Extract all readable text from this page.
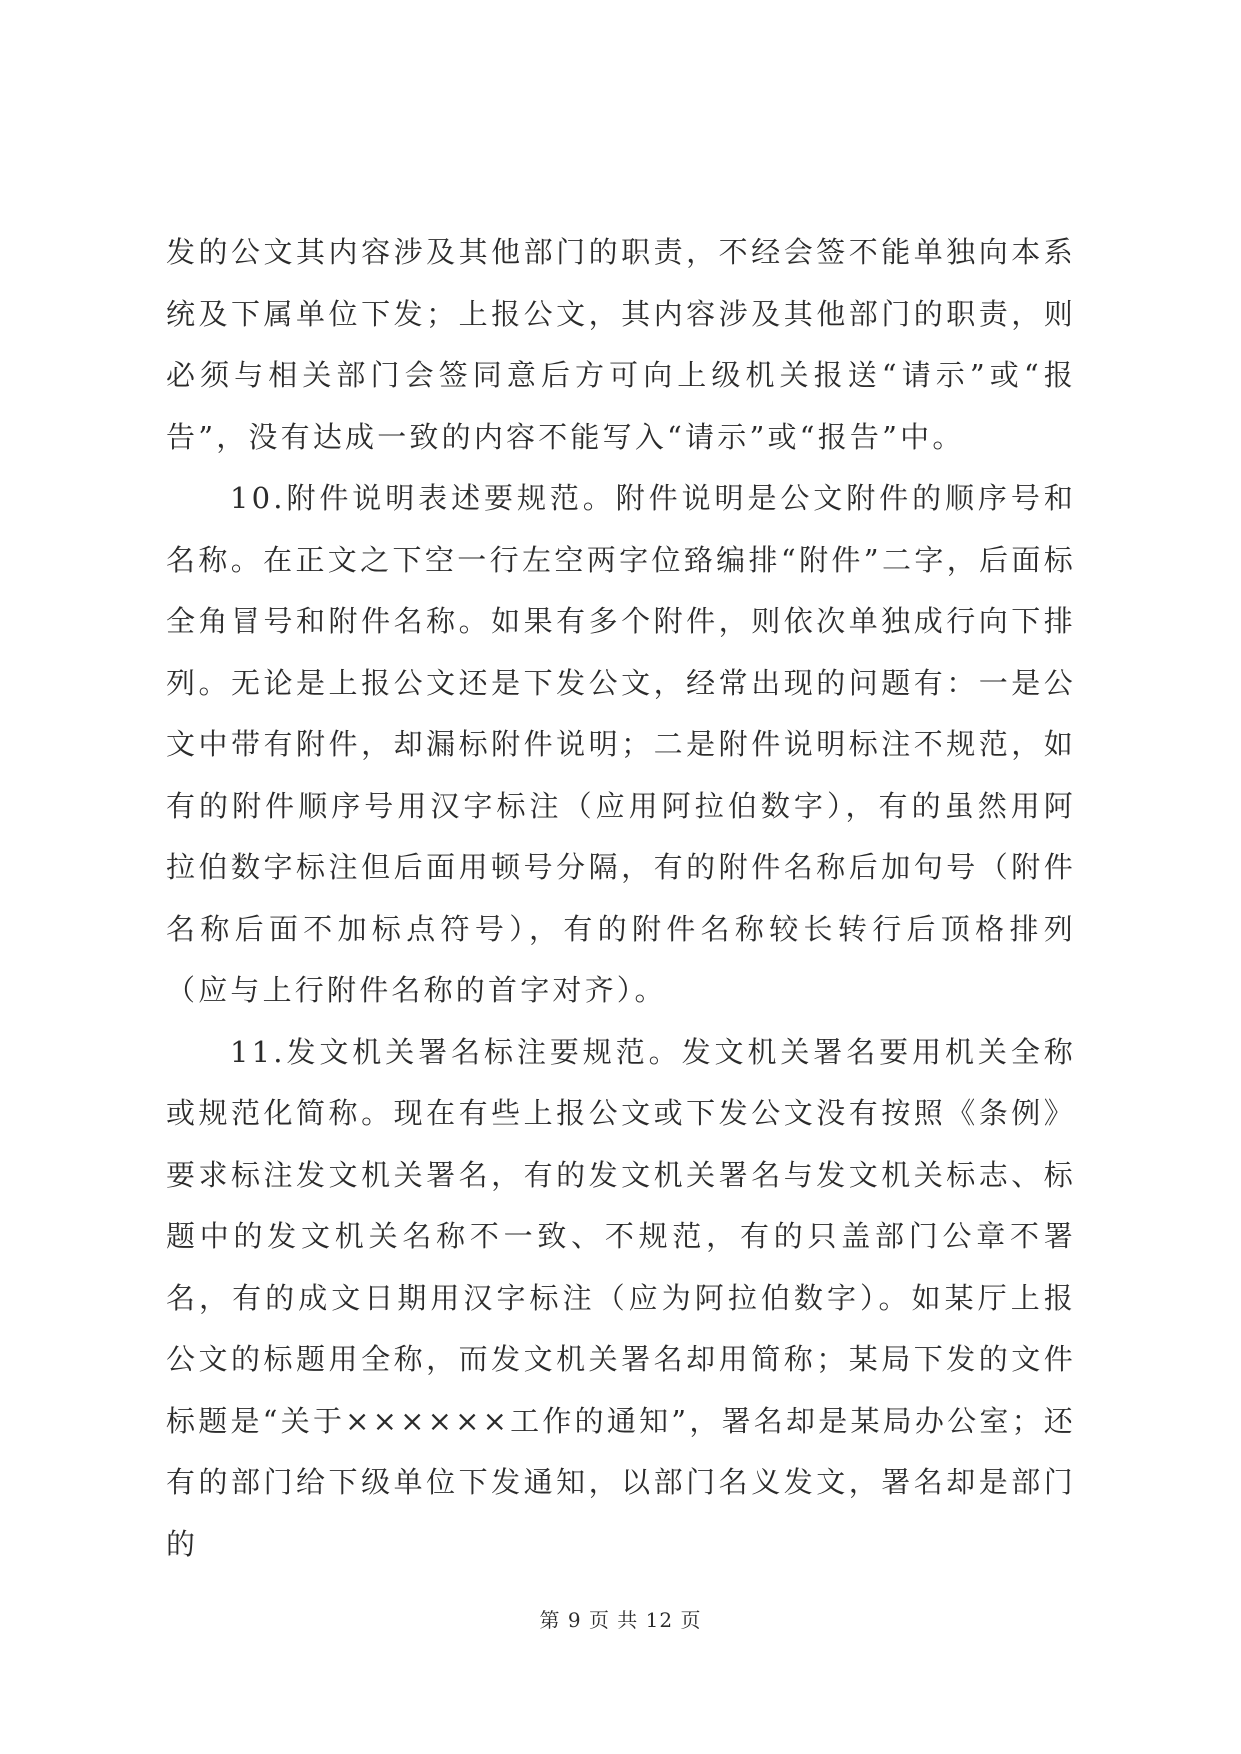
发的公文其内容涉及其他部门的职责，不经会签不能单独向本系统及下属单位下发；上报公文，其内容涉及其他部门的职责，则必须与相关部门会签同意后方可向上级机关报送“请示”或“报告”，没有达成一致的内容不能写入“请示”或“报告”中。

10.附件说明表述要规范。附件说明是公文附件的顺序号和名称。在正文之下空一行左空两字位臵编排“附件”二字，后面标全角冒号和附件名称。如果有多个附件，则依次单独成行向下排列。无论是上报公文还是下发公文，经常出现的问题有：一是公文中带有附件，却漏标附件说明；二是附件说明标注不规范，如有的附件顺序号用汉字标注（应用阿拉伯数字），有的虽然用阿拉伯数字标注但后面用顿号分隔，有的附件名称后加句号（附件名称后面不加标点符号），有的附件名称较长转行后顶格排列（应与上行附件名称的首字对齐）。

11.发文机关署名标注要规范。发文机关署名要用机关全称或规范化简称。现在有些上报公文或下发公文没有按照《条例》要求标注发文机关署名，有的发文机关署名与发文机关标志、标题中的发文机关名称不一致、不规范，有的只盖部门公章不署名，有的成文日期用汉字标注（应为阿拉伯数字）。如某厅上报公文的标题用全称，而发文机关署名却用简称；某局下发的文件标题是“关于××××××工作的通知”，署名却是某局办公室；还有的部门给下级单位下发通知，以部门名义发文，署名却是部门的

第 9 页 共 12 页
